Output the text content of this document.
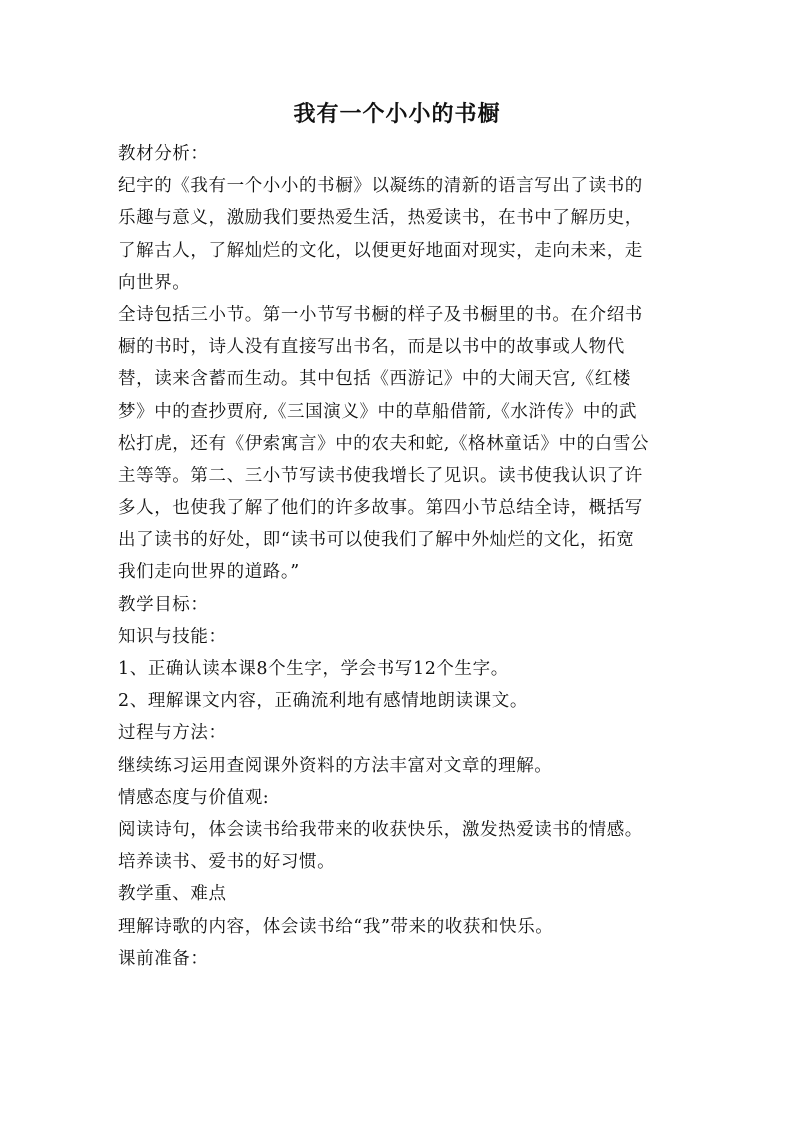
我有一个小小的书橱
教材分析：
纪宇的《我有一个小小的书橱》以凝练的清新的语言写出了读书的
乐趣与意义，激励我们要热爱生活，热爱读书，在书中了解历史，
了解古人，了解灿烂的文化，以便更好地面对现实，走向未来，走
向世界。
全诗包括三小节。第一小节写书橱的样子及书橱里的书。在介绍书
橱的书时，诗人没有直接写出书名，而是以书中的故事或人物代
替，读来含蓄而生动。其中包括《西游记》中的大闹天宫,《红楼
梦》中的查抄贾府,《三国演义》中的草船借箭,《水浒传》中的武
松打虎，还有《伊索寓言》中的农夫和蛇,《格林童话》中的白雪公
主等等。第二、三小节写读书使我增长了见识。读书使我认识了许
多人，也使我了解了他们的许多故事。第四小节总结全诗，概括写
出了读书的好处，即“读书可以使我们了解中外灿烂的文化，拓宽
我们走向世界的道路。”
教学目标：
知识与技能：
1、正确认读本课8个生字，学会书写12个生字。
2、理解课文内容，正确流利地有感情地朗读课文。
过程与方法：
继续练习运用查阅课外资料的方法丰富对文章的理解。
情感态度与价值观:
阅读诗句，体会读书给我带来的收获快乐，激发热爱读书的情感。
培养读书、爱书的好习惯。
教学重、难点
理解诗歌的内容，体会读书给“我”带来的收获和快乐。
课前准备：
